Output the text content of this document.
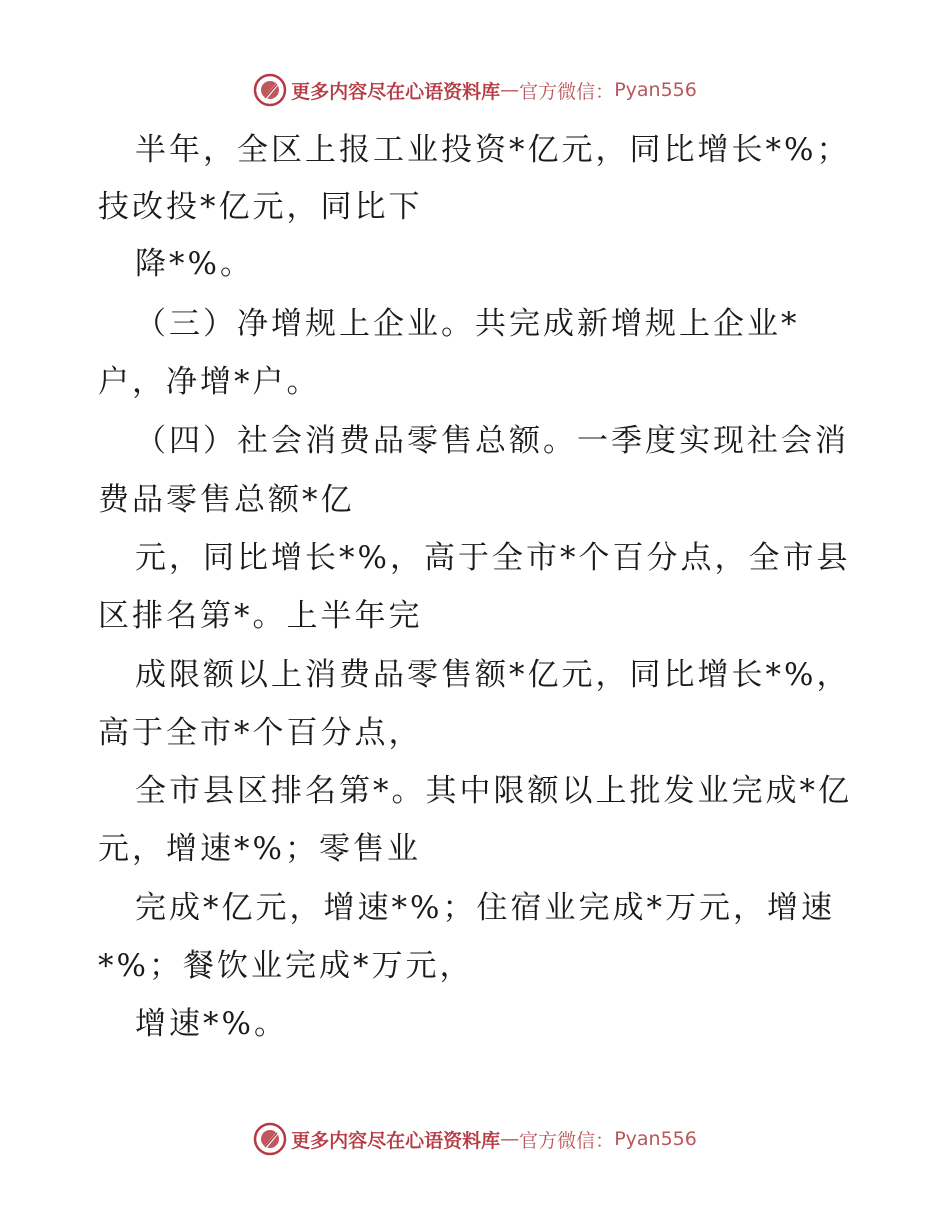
更多内容尽在心语资料库 — 官方微信： Pyan556
半年，全区上报工业投资*亿元，同比增长*%；
技改投*亿元，同比下
降*%。
（三）净增规上企业。共完成新增规上企业*
户，净增*户。
（四）社会消费品零售总额。一季度实现社会消
费品零售总额*亿
元，同比增长*%，高于全市*个百分点，全市县
区排名第*。上半年完
成限额以上消费品零售额*亿元，同比增长*%，
高于全市*个百分点，
全市县区排名第*。其中限额以上批发业完成*亿
元，增速*%；零售业
完成*亿元，增速*%；住宿业完成*万元，增速
*%；餐饮业完成*万元，
增速*%。
更多内容尽在心语资料库 — 官方微信： Pyan556
